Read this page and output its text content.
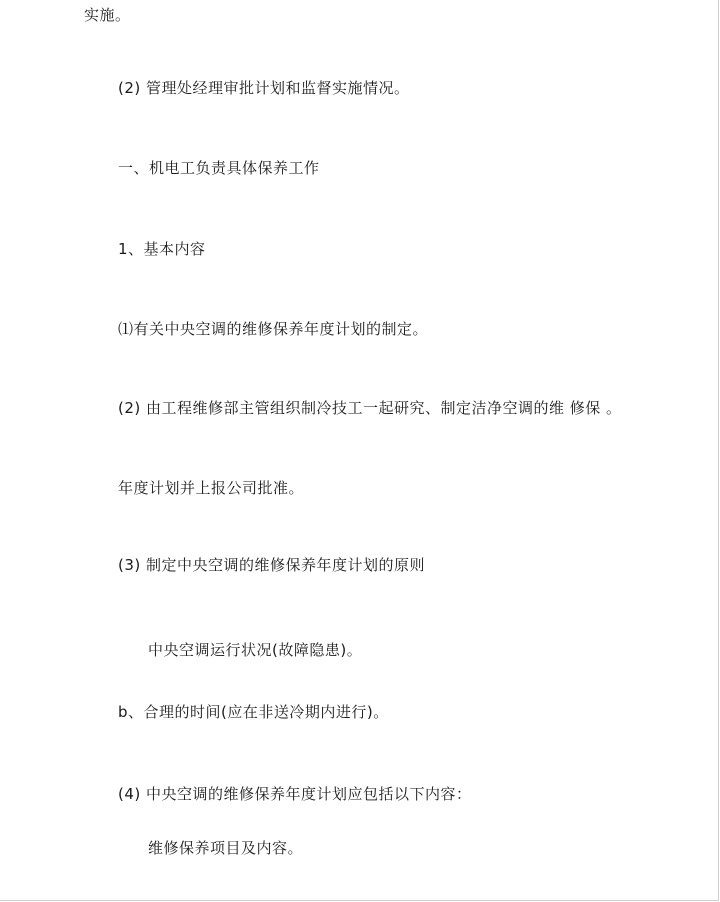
实施。
(2) 管理处经理审批计划和监督实施情况。
一、机电工负责具体保养工作
1、基本内容
⑴有关中央空调的维修保养年度计划的制定。
(2) 由工程维修部主管组织制冷技工一起研究、制定洁净空调的维 修保 。
年度计划并上报公司批准。
(3) 制定中央空调的维修保养年度计划的原则
中央空调运行状况(故障隐患)。
b、合理的时间(应在非送冷期内进行)。
(4) 中央空调的维修保养年度计划应包括以下内容：
维修保养项目及内容。
